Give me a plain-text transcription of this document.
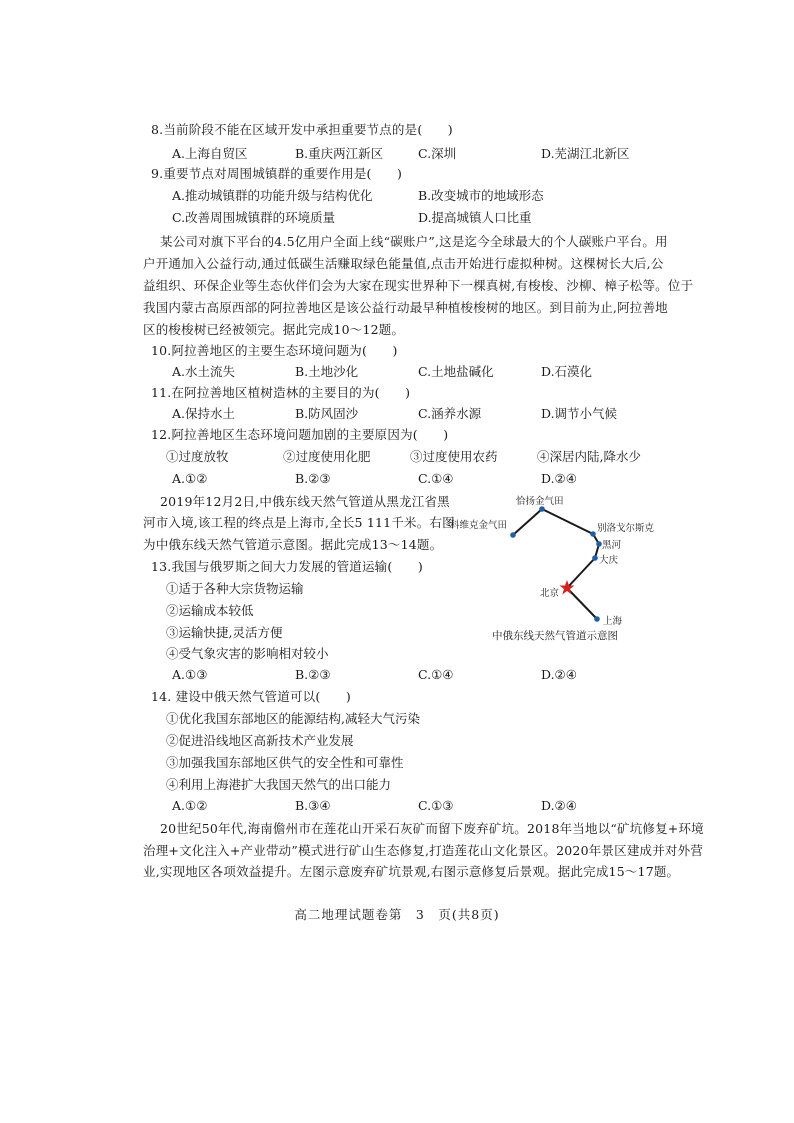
8.当前阶段不能在区域开发中承担重要节点的是(　　)
A.上海自贸区	B.重庆两江新区	C.深圳	D.芜湖江北新区
9.重要节点对周围城镇群的重要作用是(　　)
A.推动城镇群的功能升级与结构优化	B.改变城市的地域形态
C.改善周围城镇群的环境质量	D.提高城镇人口比重
某公司对旗下平台的4.5亿用户全面上线“碳账户”,这是迄今全球最大的个人碳账户平台。用
户开通加入公益行动,通过低碳生活赚取绿色能量值,点击开始进行虚拟种树。这棵树长大后,公
益组织、环保企业等生态伙伴们会为大家在现实世界种下一棵真树,有梭梭、沙柳、樟子松等。位于
我国内蒙古高原西部的阿拉善地区是该公益行动最早种植梭梭树的地区。到目前为止,阿拉善地
区的梭梭树已经被领完。据此完成10～12题。
10.阿拉善地区的主要生态环境问题为(　　)
A.水土流失	B.土地沙化	C.土地盐碱化	D.石漠化
11.在阿拉善地区植树造林的主要目的为(　　)
A.保持水土	B.防风固沙	C.涵养水源	D.调节小气候
12.阿拉善地区生态环境问题加剧的主要原因为(　　)
①过度放牧	②过度使用化肥	③过度使用农药	④深居内陆,降水少
A.①②	B.②③	C.①④	D.②④
2019年12月2日,中俄东线天然气管道从黑龙江省黑
河市入境,该工程的终点是上海市,全长5 111千米。右图
为中俄东线天然气管道示意图。据此完成13～14题。
13.我国与俄罗斯之间大力发展的管道运输(　　)
①适于各种大宗货物运输
②运输成本较低
③运输快捷,灵活方便
④受气象灾害的影响相对较小
A.①③	B.②③	C.①④	D.②④
14. 建设中俄天然气管道可以(　　)
①优化我国东部地区的能源结构,减轻大气污染
②促进沿线地区高新技术产业发展
③加强我国东部地区供气的安全性和可靠性
④利用上海港扩大我国天然气的出口能力
A.①②	B.③④	C.①③	D.②④
20世纪50年代,海南儋州市在莲花山开采石灰矿而留下废弃矿坑。2018年当地以“矿坑修复+环境
治理+文化注入+产业带动”模式进行矿山生态修复,打造莲花山文化景区。2020年景区建成并对外营
业,实现地区各项效益提升。左图示意废弃矿坑景观,右图示意修复后景观。据此完成15～17题。
高二地理试题卷第　3　页(共8页)
恰扬金气田
科维克金气田	别洛戈尔斯克
黑河
大庆
北京
上海
中俄东线天然气管道示意图
